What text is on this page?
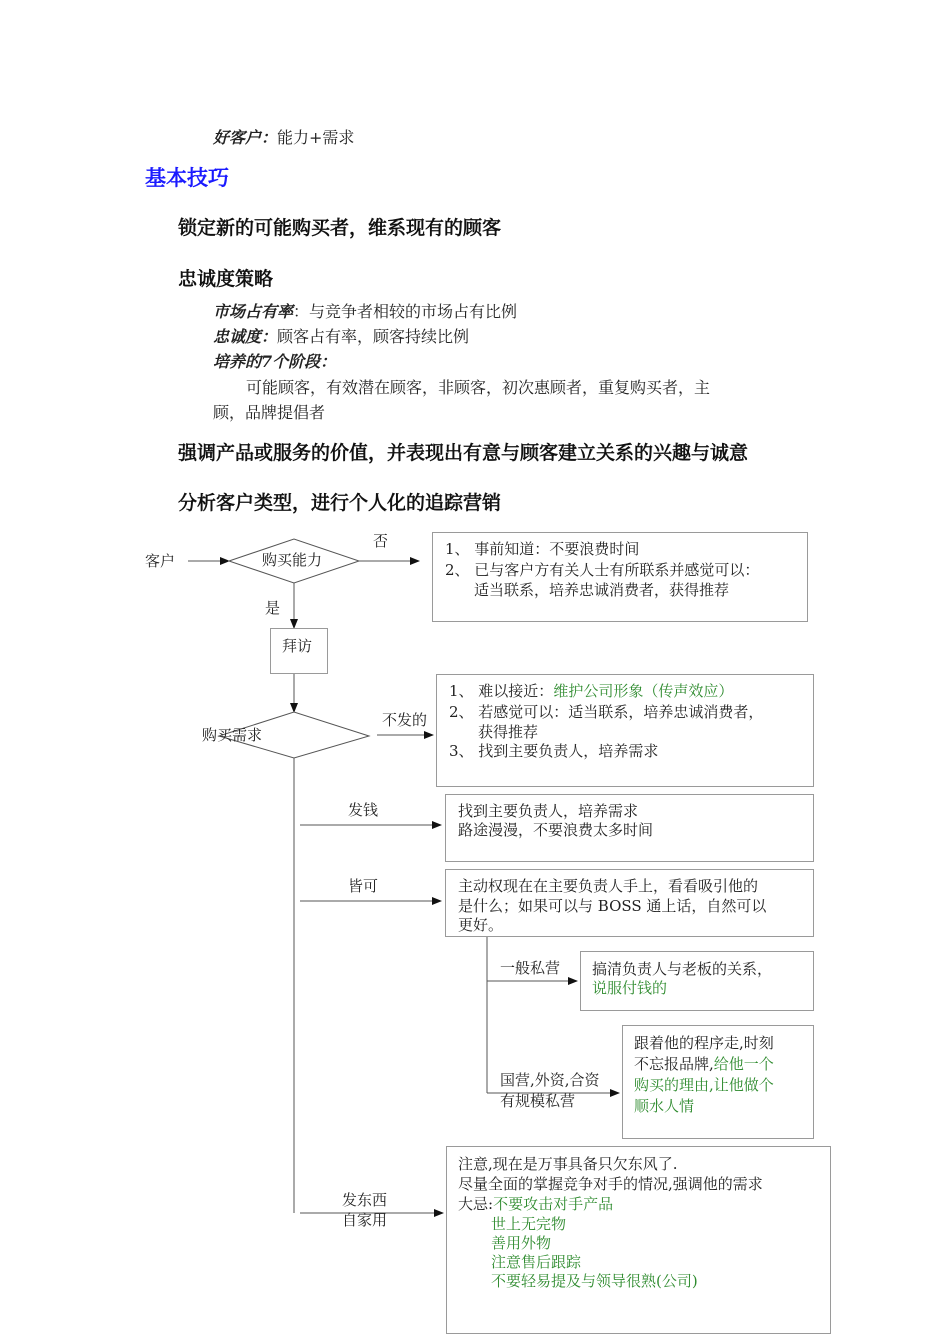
好客户：能力+需求
基本技巧
锁定新的可能购买者，维系现有的顾客
忠诚度策略
市场占有率：与竞争者相较的市场占有比例
忠诚度：顾客占有率，顾客持续比例
培养的7个阶段：
可能顾客，有效潜在顾客，非顾客，初次惠顾者，重复购买者，主
顾，品牌提倡者
强调产品或服务的价值，并表现出有意与顾客建立关系的兴趣与诚意
分析客户类型，进行个人化的追踪营销
客户	购买能力
否
是
拜访
购买需求
不发的
发钱
皆可
一般私营
国营,外资,合资
有规模私营
发东西
自家用
1、 事前知道：不要浪费时间
2、 已与客户方有关人士有所联系并感觉可以：
适当联系，培养忠诚消费者，获得推荐
1、 难以接近：维护公司形象（传声效应）
2、 若感觉可以：适当联系，培养忠诚消费者，
获得推荐
3、 找到主要负责人，培养需求
找到主要负责人，培养需求
路途漫漫，不要浪费太多时间
主动权现在在主要负责人手上，看看吸引他的
是什么；如果可以与 BOSS 通上话，自然可以
更好。
搞清负责人与老板的关系，
说服付钱的
跟着他的程序走,时刻
不忘报品牌,给他一个
购买的理由,让他做个
顺水人情
注意,现在是万事具备只欠东风了.
尽量全面的掌握竞争对手的情况,强调他的需求
大忌:不要攻击对手产品
世上无完物
善用外物
注意售后跟踪
不要轻易提及与领导很熟(公司)
